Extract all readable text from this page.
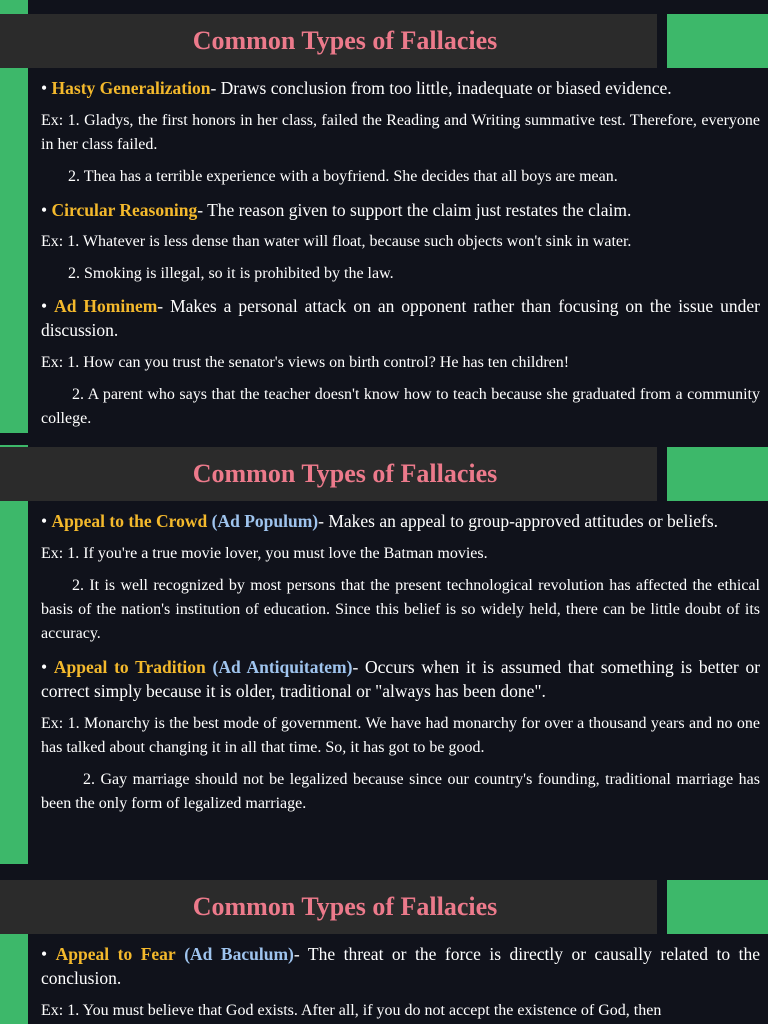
Common Types of Fallacies

• Hasty Generalization- Draws conclusion from too little, inadequate or biased evidence.

Ex: 1. Gladys, the first honors in her class, failed the Reading and Writing summative test. Therefore, everyone in her class failed.

2. Thea has a terrible experience with a boyfriend. She decides that all boys are mean.

• Circular Reasoning- The reason given to support the claim just restates the claim.

Ex: 1. Whatever is less dense than water will float, because such objects won't sink in water.

2. Smoking is illegal, so it is prohibited by the law.

• Ad Hominem- Makes a personal attack on an opponent rather than focusing on the issue under discussion.

Ex: 1. How can you trust the senator's views on birth control? He has ten children!

2. A parent who says that the teacher doesn't know how to teach because she graduated from a community college.

Common Types of Fallacies

• Appeal to the Crowd (Ad Populum)- Makes an appeal to group-approved attitudes or beliefs.

Ex: 1. If you're a true movie lover, you must love the Batman movies.

2. It is well recognized by most persons that the present technological revolution has affected the ethical basis of the nation's institution of education. Since this belief is so widely held, there can be little doubt of its accuracy.

• Appeal to Tradition (Ad Antiquitatem)- Occurs when it is assumed that something is better or correct simply because it is older, traditional or "always has been done".

Ex: 1. Monarchy is the best mode of government. We have had monarchy for over a thousand years and no one has talked about changing it in all that time. So, it has got to be good.

2. Gay marriage should not be legalized because since our country's founding, traditional marriage has been the only form of legalized marriage.

Common Types of Fallacies

• Appeal to Fear (Ad Baculum)- The threat or the force is directly or causally related to the conclusion.

Ex: 1. You must believe that God exists. After all, if you do not accept the existence of God, then
